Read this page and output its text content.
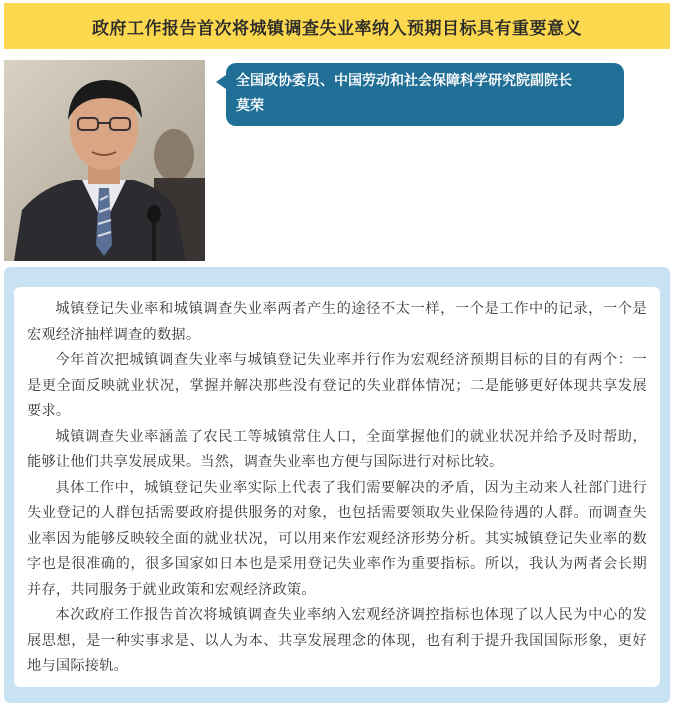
政府工作报告首次将城镇调查失业率纳入预期目标具有重要意义
全国政协委员、中国劳动和社会保障科学研究院副院长
莫荣

城镇登记失业率和城镇调查失业率两者产生的途径不太一样，一个是工作中的记录，一个是宏观经济抽样调查的数据。

今年首次把城镇调查失业率与城镇登记失业率并行作为宏观经济预期目标的目的有两个：一是更全面反映就业状况，掌握并解决那些没有登记的失业群体情况；二是能够更好体现共享发展要求。

城镇调查失业率涵盖了农民工等城镇常住人口，全面掌握他们的就业状况并给予及时帮助，能够让他们共享发展成果。当然，调查失业率也方便与国际进行对标比较。

具体工作中，城镇登记失业率实际上代表了我们需要解决的矛盾，因为主动来人社部门进行失业登记的人群包括需要政府提供服务的对象，也包括需要领取失业保险待遇的人群。而调查失业率因为能够反映较全面的就业状况，可以用来作宏观经济形势分析。其实城镇登记失业率的数字也是很准确的，很多国家如日本也是采用登记失业率作为重要指标。所以，我认为两者会长期并存，共同服务于就业政策和宏观经济政策。

本次政府工作报告首次将城镇调查失业率纳入宏观经济调控指标也体现了以人民为中心的发展思想，是一种实事求是、以人为本、共享发展理念的体现，也有利于提升我国国际形象，更好地与国际接轨。
